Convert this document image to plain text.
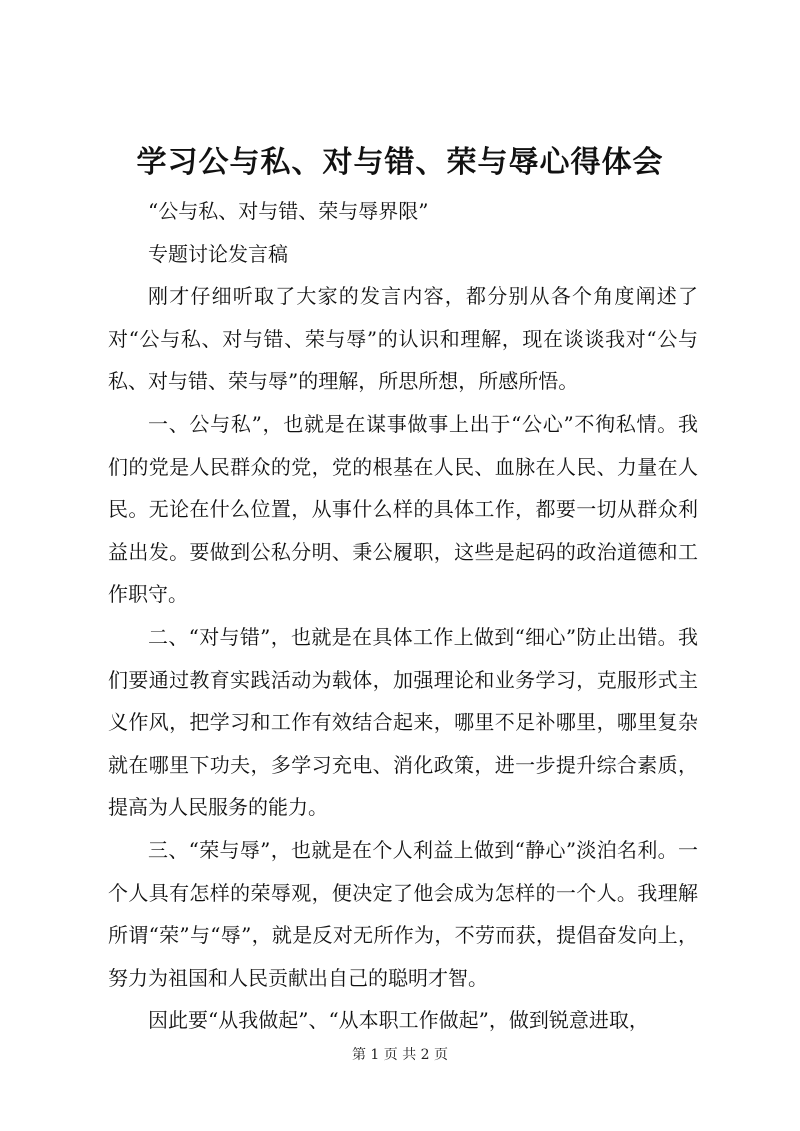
学习公与私、对与错、荣与辱心得体会

“公与私、对与错、荣与辱界限”

专题讨论发言稿

刚才仔细听取了大家的发言内容，都分别从各个角度阐述了对“公与私、对与错、荣与辱”的认识和理解，现在谈谈我对“公与私、对与错、荣与辱”的理解，所思所想，所感所悟。

一、公与私”，也就是在谋事做事上出于“公心”不徇私情。我们的党是人民群众的党，党的根基在人民、血脉在人民、力量在人民。无论在什么位置，从事什么样的具体工作，都要一切从群众利益出发。要做到公私分明、秉公履职，这些是起码的政治道德和工作职守。

二、“对与错”，也就是在具体工作上做到“细心”防止出错。我们要通过教育实践活动为载体，加强理论和业务学习，克服形式主义作风，把学习和工作有效结合起来，哪里不足补哪里，哪里复杂就在哪里下功夫，多学习充电、消化政策，进一步提升综合素质，提高为人民服务的能力。

三、“荣与辱”，也就是在个人利益上做到“静心”淡泊名利。一个人具有怎样的荣辱观，便决定了他会成为怎样的一个人。我理解所谓“荣”与“辱”，就是反对无所作为，不劳而获，提倡奋发向上，努力为祖国和人民贡献出自己的聪明才智。

因此要“从我做起”、“从本职工作做起”，做到锐意进取，

第 1 页 共 2 页
